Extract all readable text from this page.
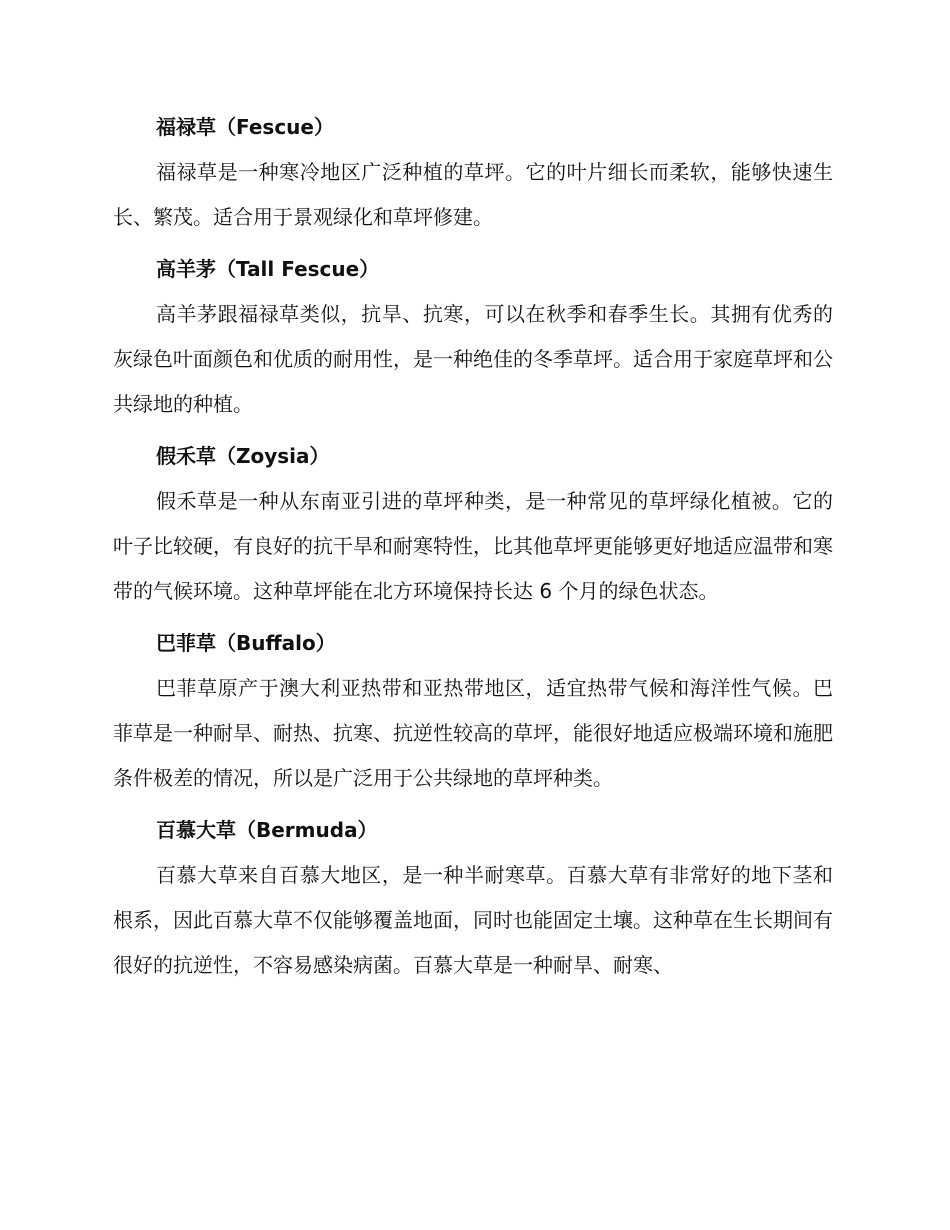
福禄草（Fescue）

福禄草是一种寒冷地区广泛种植的草坪。它的叶片细长而柔软，能够快速生长、繁茂。适合用于景观绿化和草坪修建。

高羊茅（Tall Fescue）

高羊茅跟福禄草类似，抗旱、抗寒，可以在秋季和春季生长。其拥有优秀的灰绿色叶面颜色和优质的耐用性，是一种绝佳的冬季草坪。适合用于家庭草坪和公共绿地的种植。

假禾草（Zoysia）

假禾草是一种从东南亚引进的草坪种类，是一种常见的草坪绿化植被。它的叶子比较硬，有良好的抗干旱和耐寒特性，比其他草坪更能够更好地适应温带和寒带的气候环境。这种草坪能在北方环境保持长达 6 个月的绿色状态。

巴菲草（Buffalo）

巴菲草原产于澳大利亚热带和亚热带地区，适宜热带气候和海洋性气候。巴菲草是一种耐旱、耐热、抗寒、抗逆性较高的草坪，能很好地适应极端环境和施肥条件极差的情况，所以是广泛用于公共绿地的草坪种类。

百慕大草（Bermuda）

百慕大草来自百慕大地区，是一种半耐寒草。百慕大草有非常好的地下茎和根系，因此百慕大草不仅能够覆盖地面，同时也能固定土壤。这种草在生长期间有很好的抗逆性，不容易感染病菌。百慕大草是一种耐旱、耐寒、
